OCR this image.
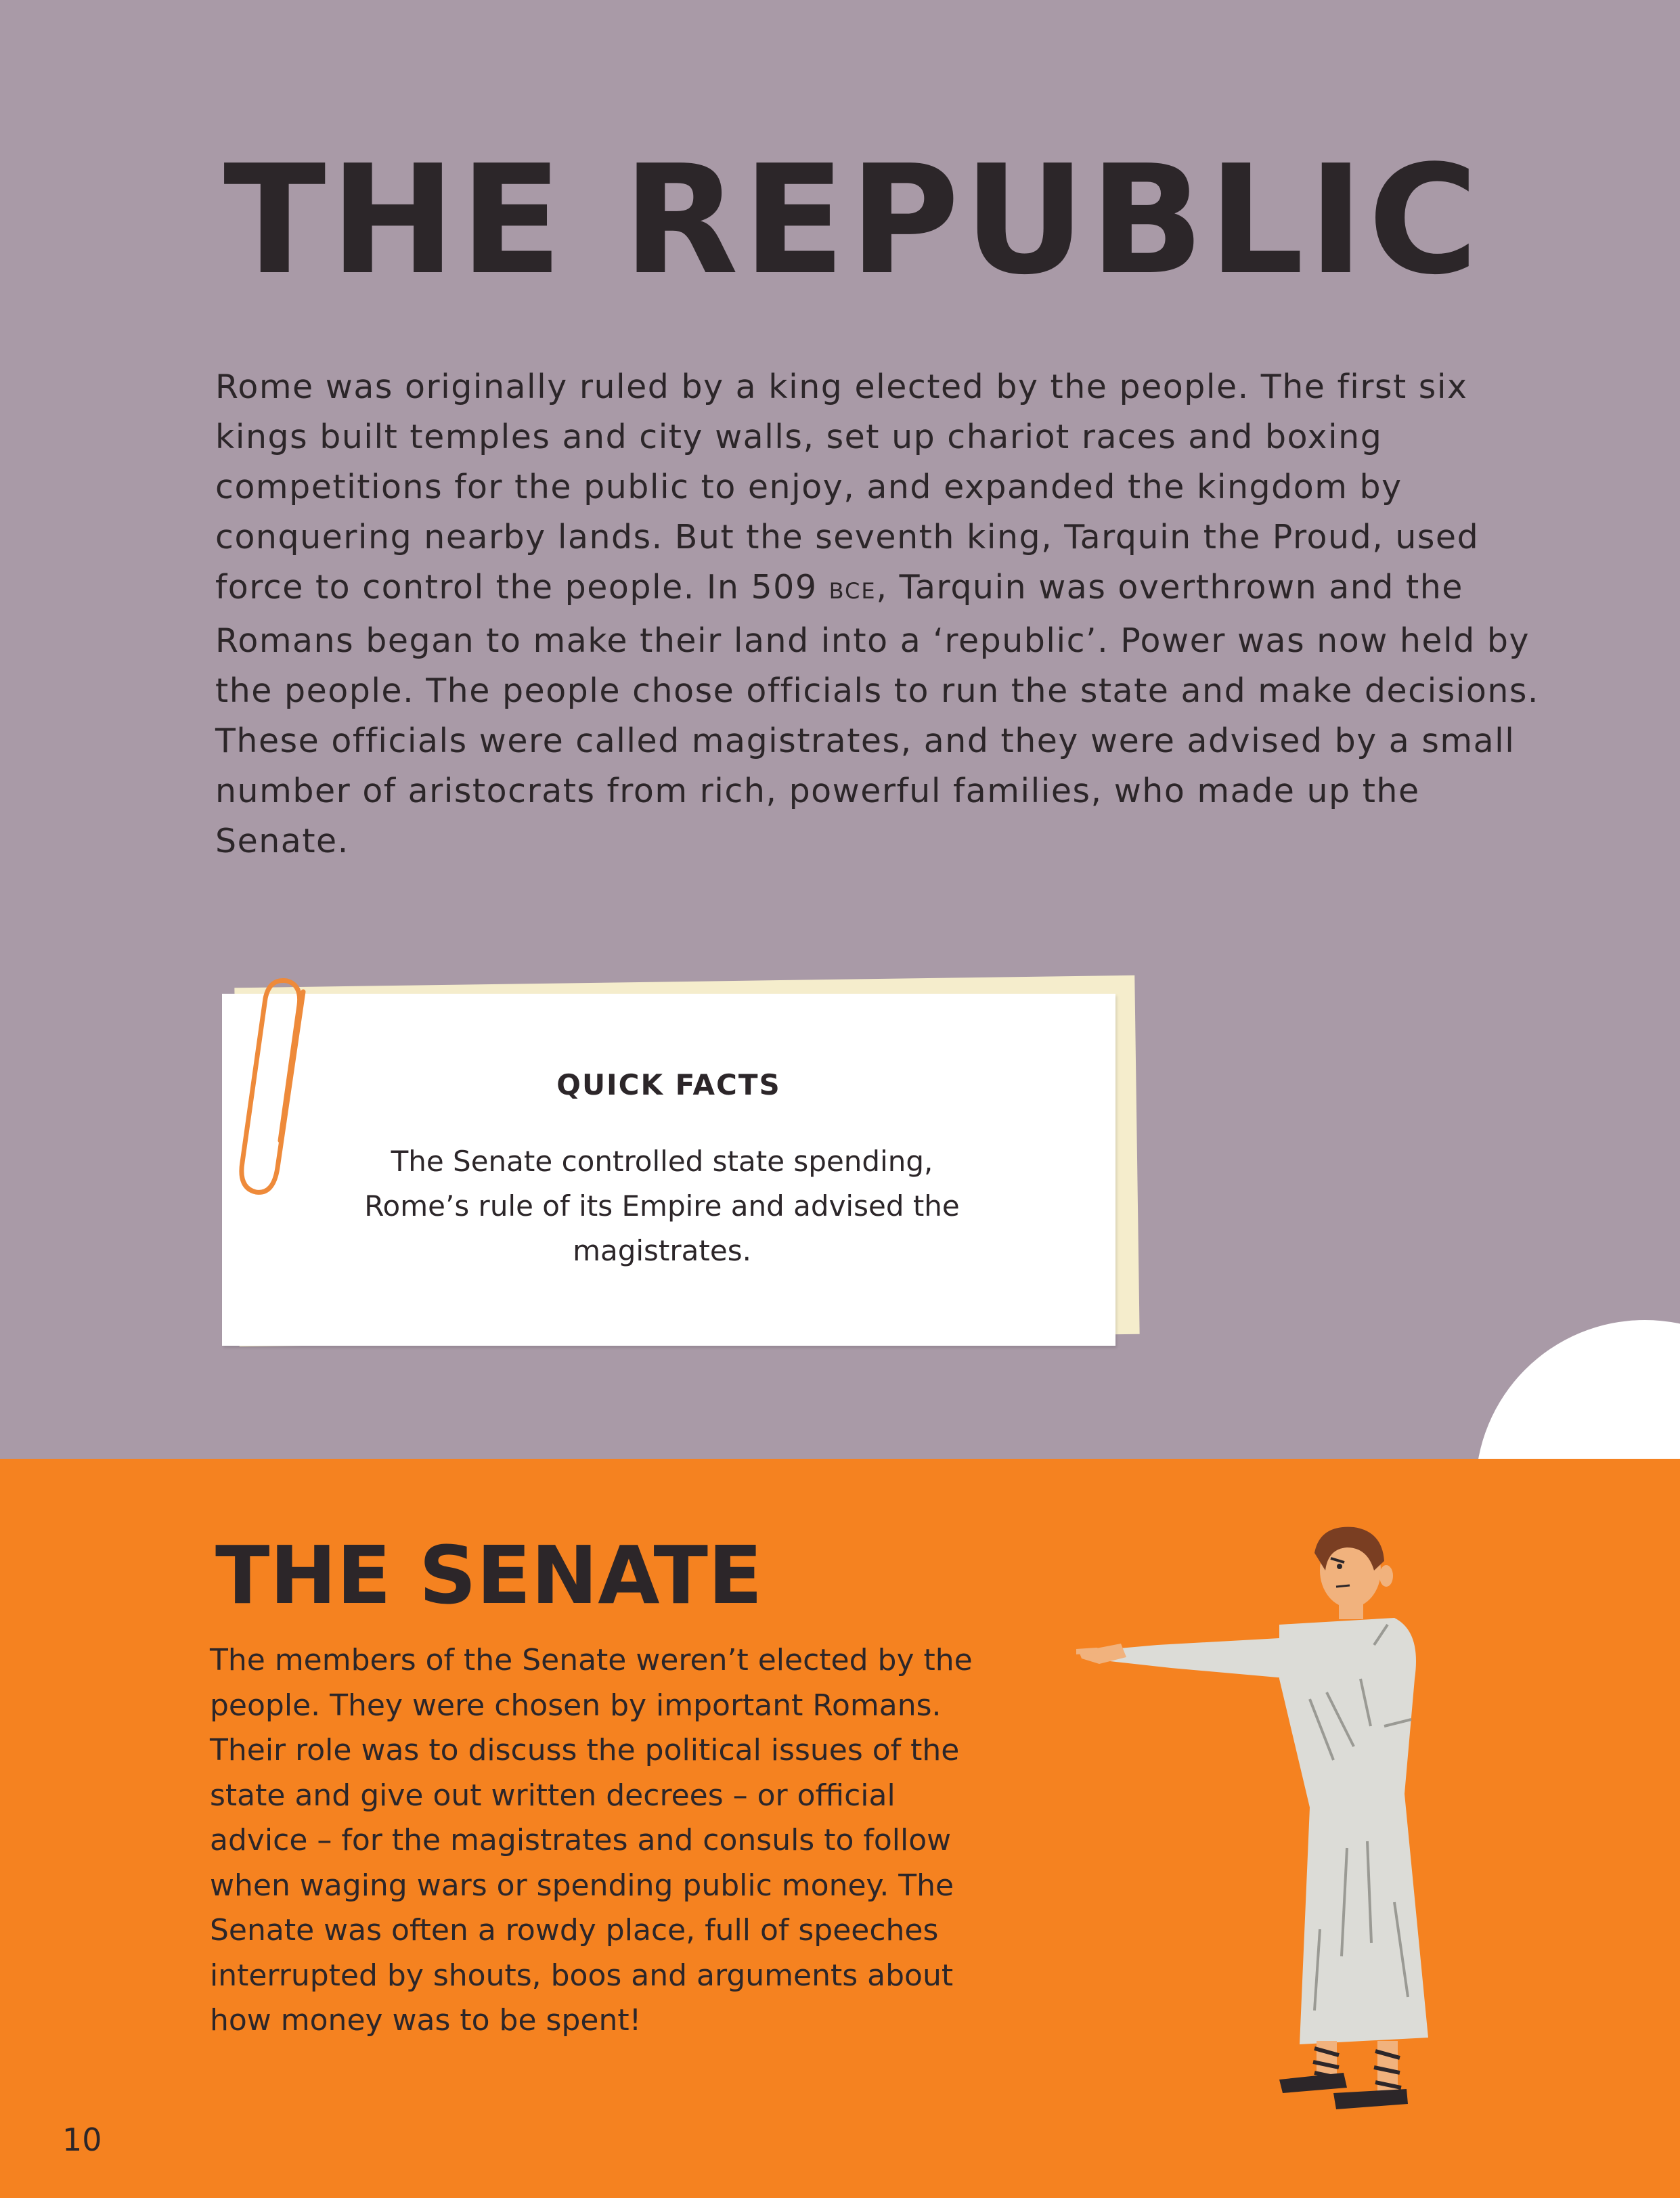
THE REPUBLIC

Rome was originally ruled by a king elected by the people. The first six kings built temples and city walls, set up chariot races and boxing competitions for the public to enjoy, and expanded the kingdom by conquering nearby lands. But the seventh king, Tarquin the Proud, used force to control the people. In 509 BCE, Tarquin was overthrown and the Romans began to make their land into a ‘republic’. Power was now held by the people. The people chose officials to run the state and make decisions. These officials were called magistrates, and they were advised by a small number of aristocrats from rich, powerful families, who made up the Senate.

QUICK FACTS

The Senate controlled state spending, Rome’s rule of its Empire and advised the magistrates.

THE SENATE

The members of the Senate weren’t elected by the people. They were chosen by important Romans. Their role was to discuss the political issues of the state and give out written decrees – or official advice – for the magistrates and consuls to follow when waging wars or spending public money. The Senate was often a rowdy place, full of speeches interrupted by shouts, boos and arguments about how money was to be spent!

10
